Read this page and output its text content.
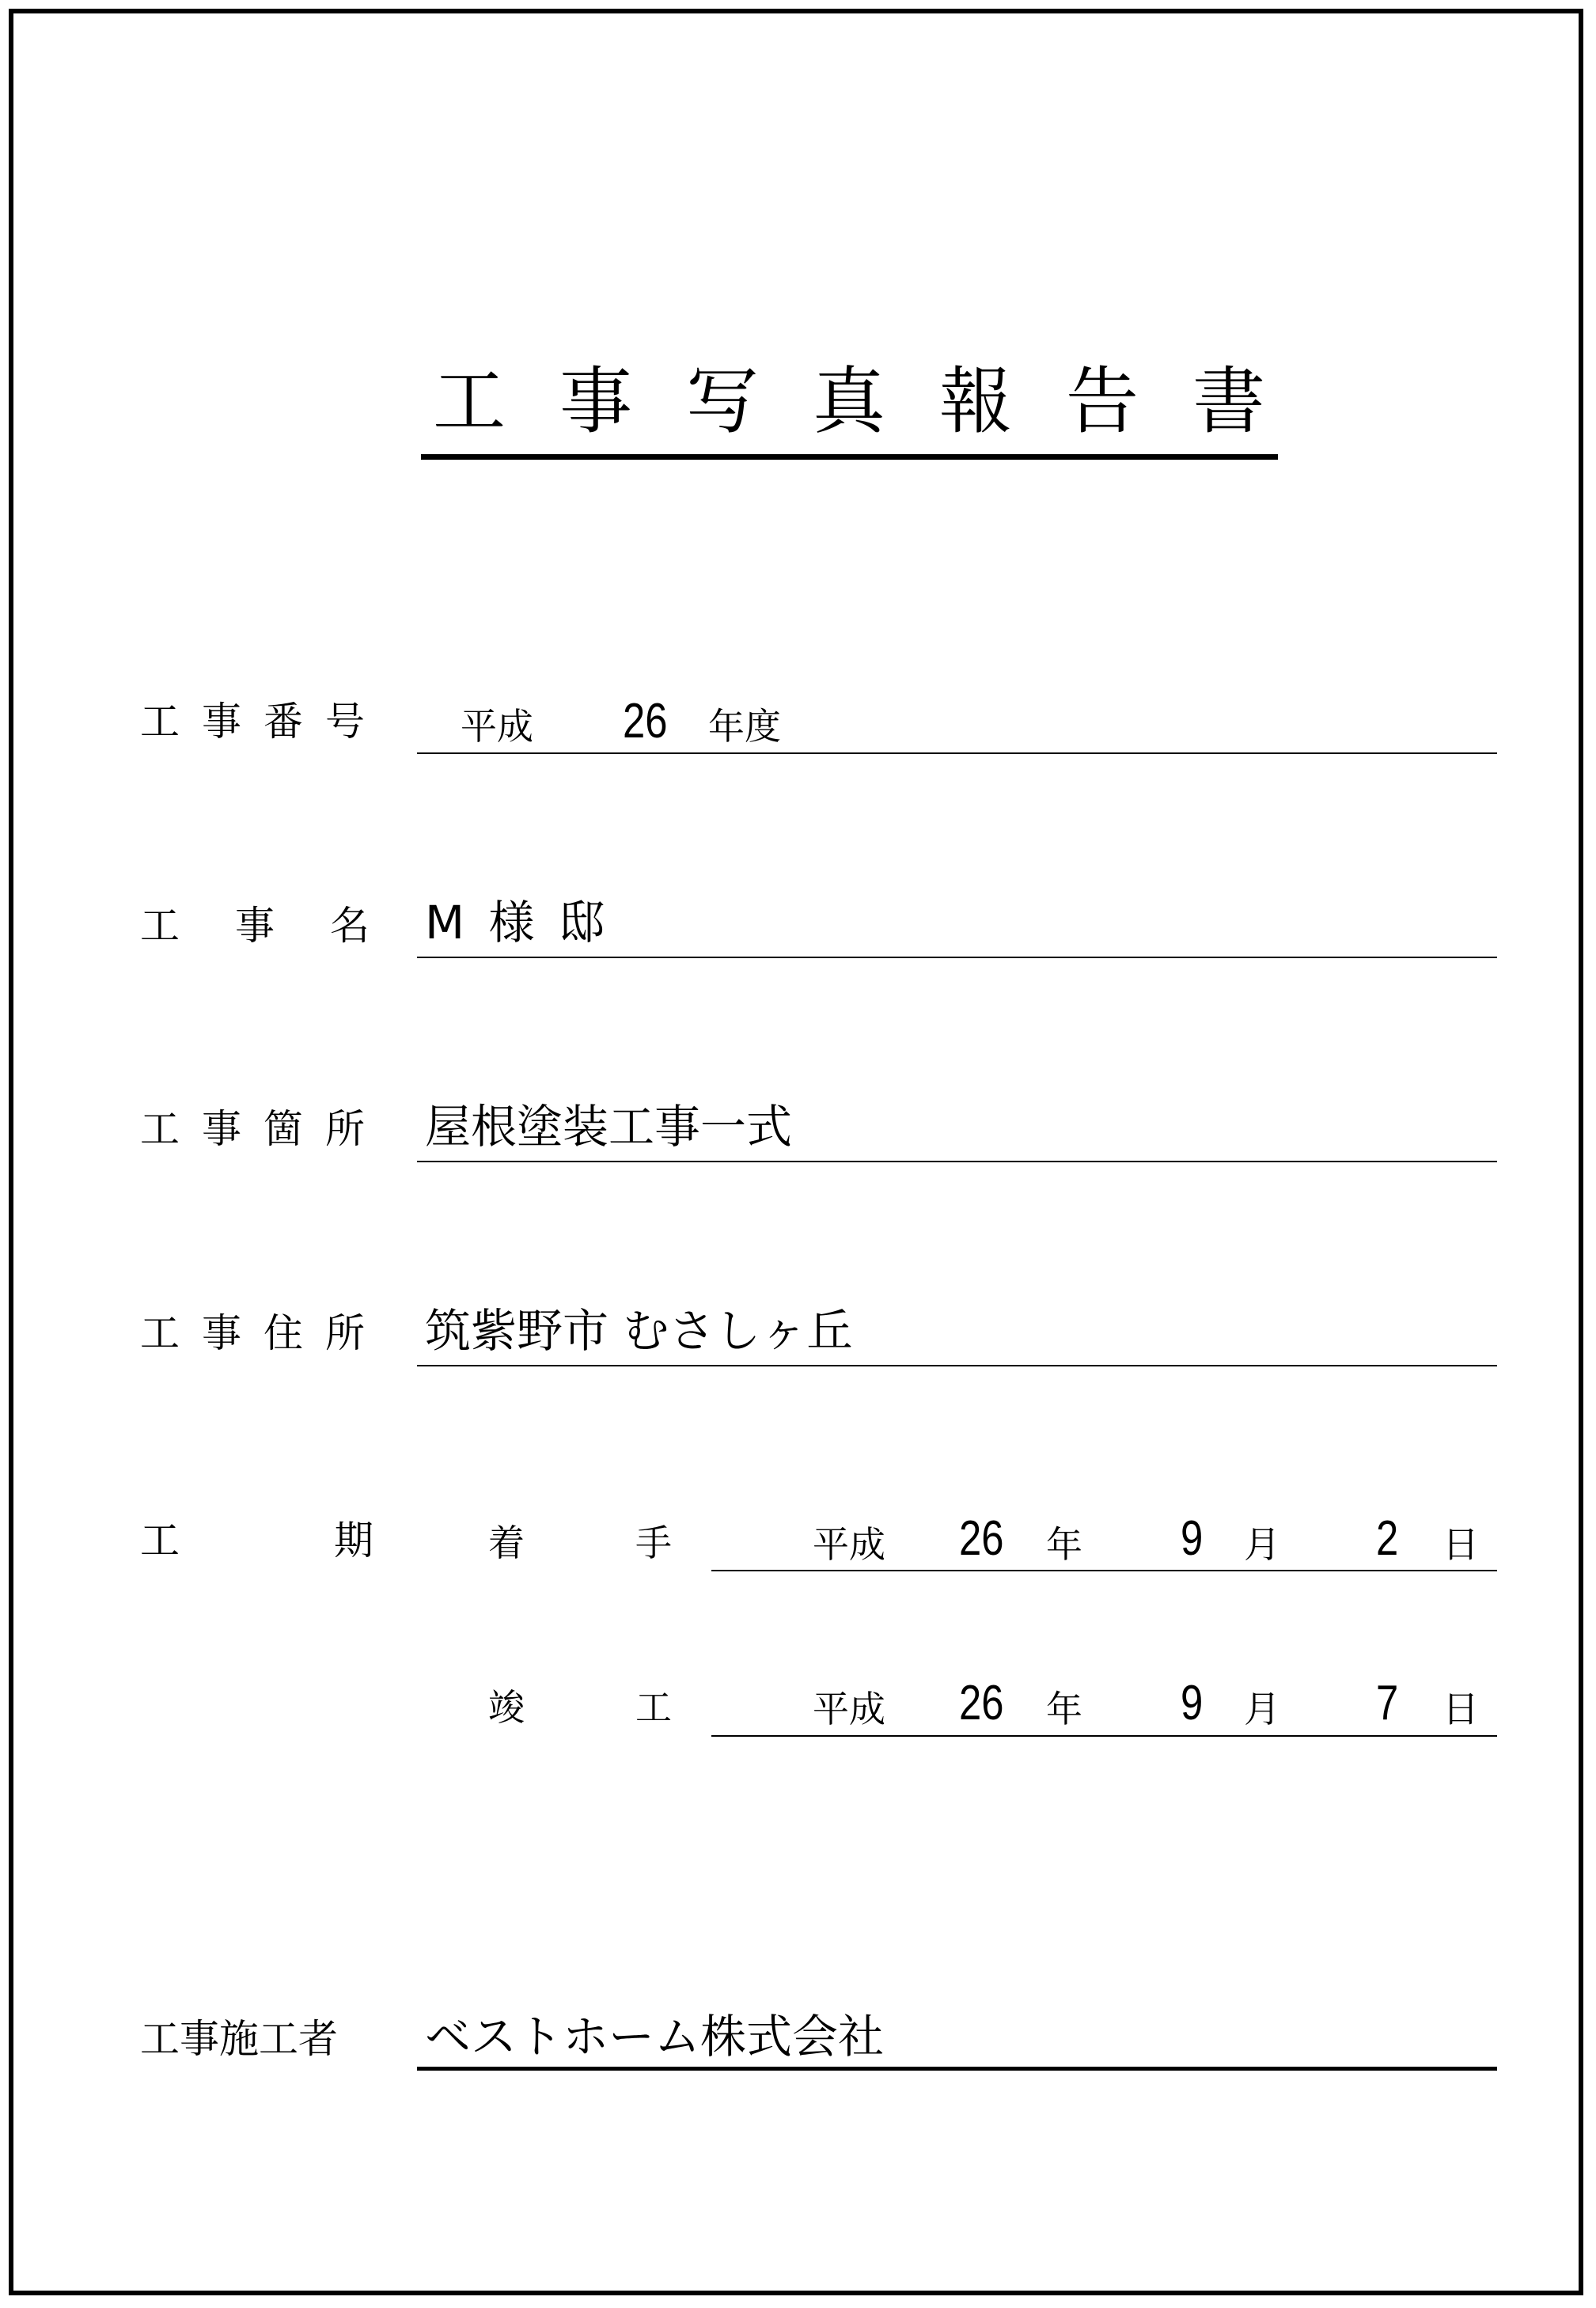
工事写真報告書
工事番号 平成 26 年度
工事名 M 様 邸
工事箇所 屋根塗装工事一式
工事住所 筑紫野市 むさしヶ丘
工	期	着	手	平成 26 年 9 月 2 日
竣	工	平成 26 年 9 月 7 日
工事施工者 ベストホーム株式会社
